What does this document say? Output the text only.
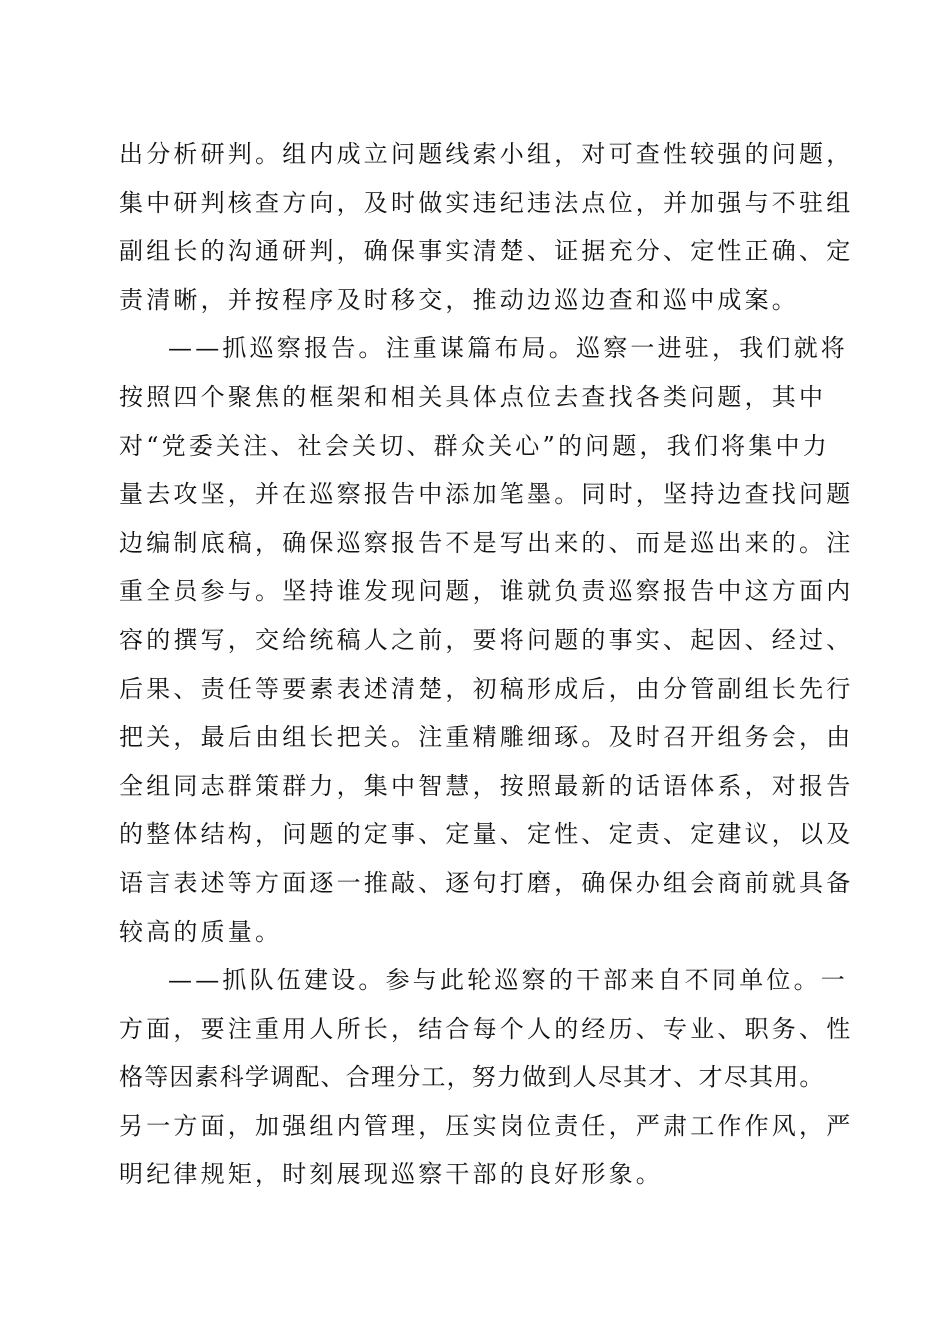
出分析研判。组内成立问题线索小组，对可查性较强的问题，
集中研判核查方向，及时做实违纪违法点位，并加强与不驻组
副组长的沟通研判，确保事实清楚、证据充分、定性正确、定
责清晰，并按程序及时移交，推动边巡边查和巡中成案。
——抓巡察报告。注重谋篇布局。巡察一进驻，我们就将
按照四个聚焦的框架和相关具体点位去查找各类问题，其中
对“党委关注、社会关切、群众关心”的问题，我们将集中力
量去攻坚，并在巡察报告中添加笔墨。同时，坚持边查找问题
边编制底稿，确保巡察报告不是写出来的、而是巡出来的。注
重全员参与。坚持谁发现问题，谁就负责巡察报告中这方面内
容的撰写，交给统稿人之前，要将问题的事实、起因、经过、
后果、责任等要素表述清楚，初稿形成后，由分管副组长先行
把关，最后由组长把关。注重精雕细琢。及时召开组务会，由
全组同志群策群力，集中智慧，按照最新的话语体系，对报告
的整体结构，问题的定事、定量、定性、定责、定建议，以及
语言表述等方面逐一推敲、逐句打磨，确保办组会商前就具备
较高的质量。
——抓队伍建设。参与此轮巡察的干部来自不同单位。一
方面，要注重用人所长，结合每个人的经历、专业、职务、性
格等因素科学调配、合理分工，努力做到人尽其才、才尽其用。
另一方面，加强组内管理，压实岗位责任，严肃工作作风，严
明纪律规矩，时刻展现巡察干部的良好形象。
